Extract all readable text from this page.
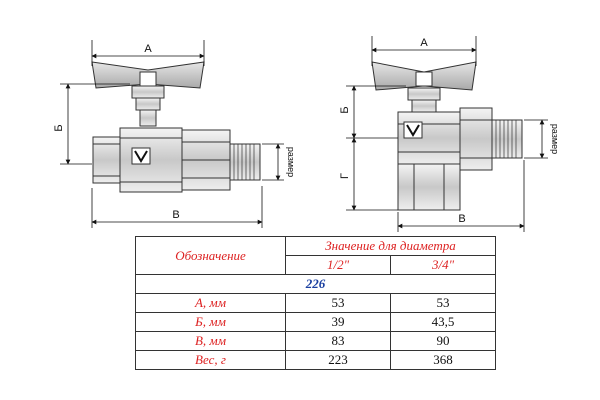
А
Б
В
размер
А
Б
Г
В
размер
Обозначение	Значение для диаметра	
	1/2"	3/4"
226		
А, мм	53	53
Б, мм	39	43,5
В, мм	83	90
Вес, г	223	368
